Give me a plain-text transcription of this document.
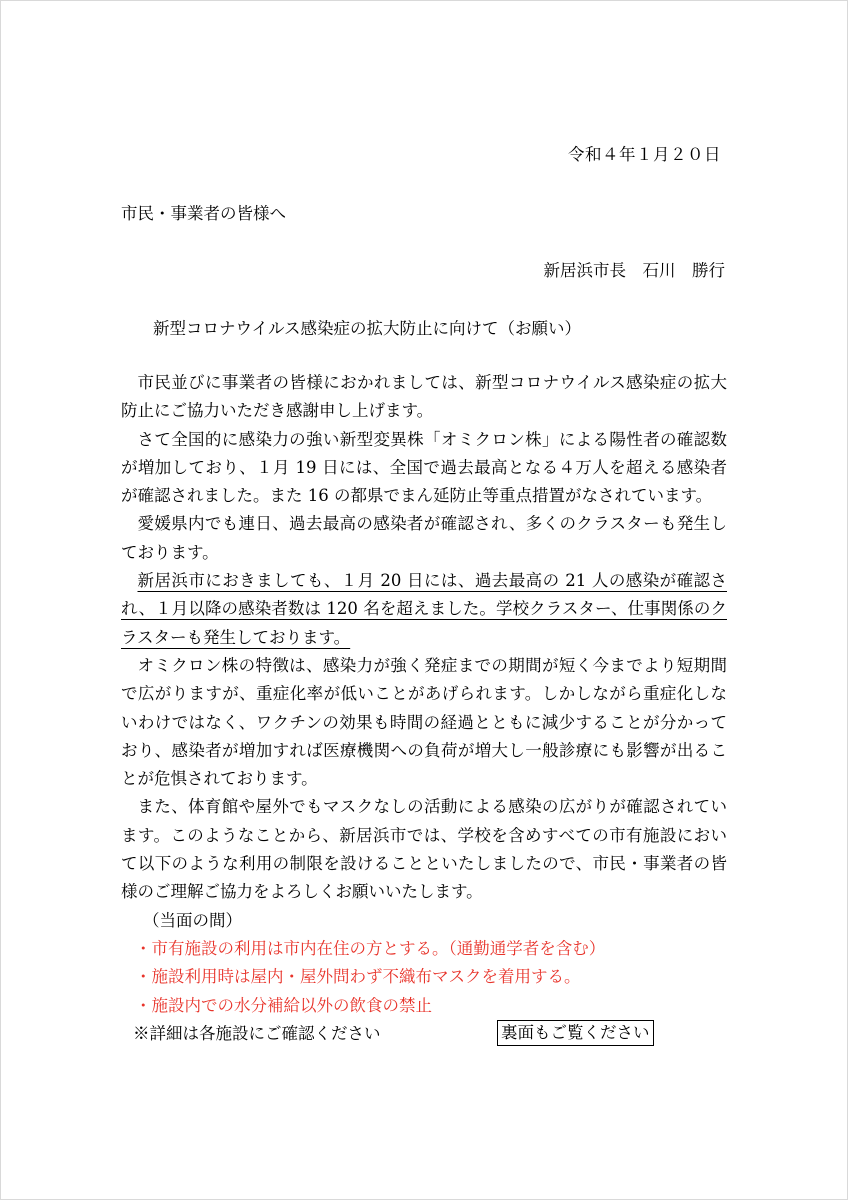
令和４年１月２０日
市民・事業者の皆様へ
新居浜市長　石川　勝行
新型コロナウイルス感染症の拡大防止に向けて（お願い）

市民並びに事業者の皆様におかれましては、新型コロナウイルス感染症の拡大防止にご協力いただき感謝申し上げます。

さて全国的に感染力の強い新型変異株「オミクロン株」による陽性者の確認数が増加しており、１月 19 日には、全国で過去最高となる４万人を超える感染者が確認されました。また 16 の都県でまん延防止等重点措置がなされています。

愛媛県内でも連日、過去最高の感染者が確認され、多くのクラスターも発生しております。

新居浜市におきましても、１月 20 日には、過去最高の 21 人の感染が確認され、１月以降の感染者数は 120 名を超えました。学校クラスター、仕事関係のクラスターも発生しております。

オミクロン株の特徴は、感染力が強く発症までの期間が短く今までより短期間で広がりますが、重症化率が低いことがあげられます。しかしながら重症化しないわけではなく、ワクチンの効果も時間の経過とともに減少することが分かっており、感染者が増加すれば医療機関への負荷が増大し一般診療にも影響が出ることが危惧されております。

また、体育館や屋外でもマスクなしの活動による感染の広がりが確認されています。このようなことから、新居浜市では、学校を含めすべての市有施設において以下のような利用の制限を設けることといたしましたので、市民・事業者の皆様のご理解ご協力をよろしくお願いいたします。

（当面の間）
・市有施設の利用は市内在住の方とする。（通勤通学者を含む）
・施設利用時は屋内・屋外問わず不織布マスクを着用する。
・施設内での水分補給以外の飲食の禁止
※詳細は各施設にご確認ください	裏面もご覧ください
